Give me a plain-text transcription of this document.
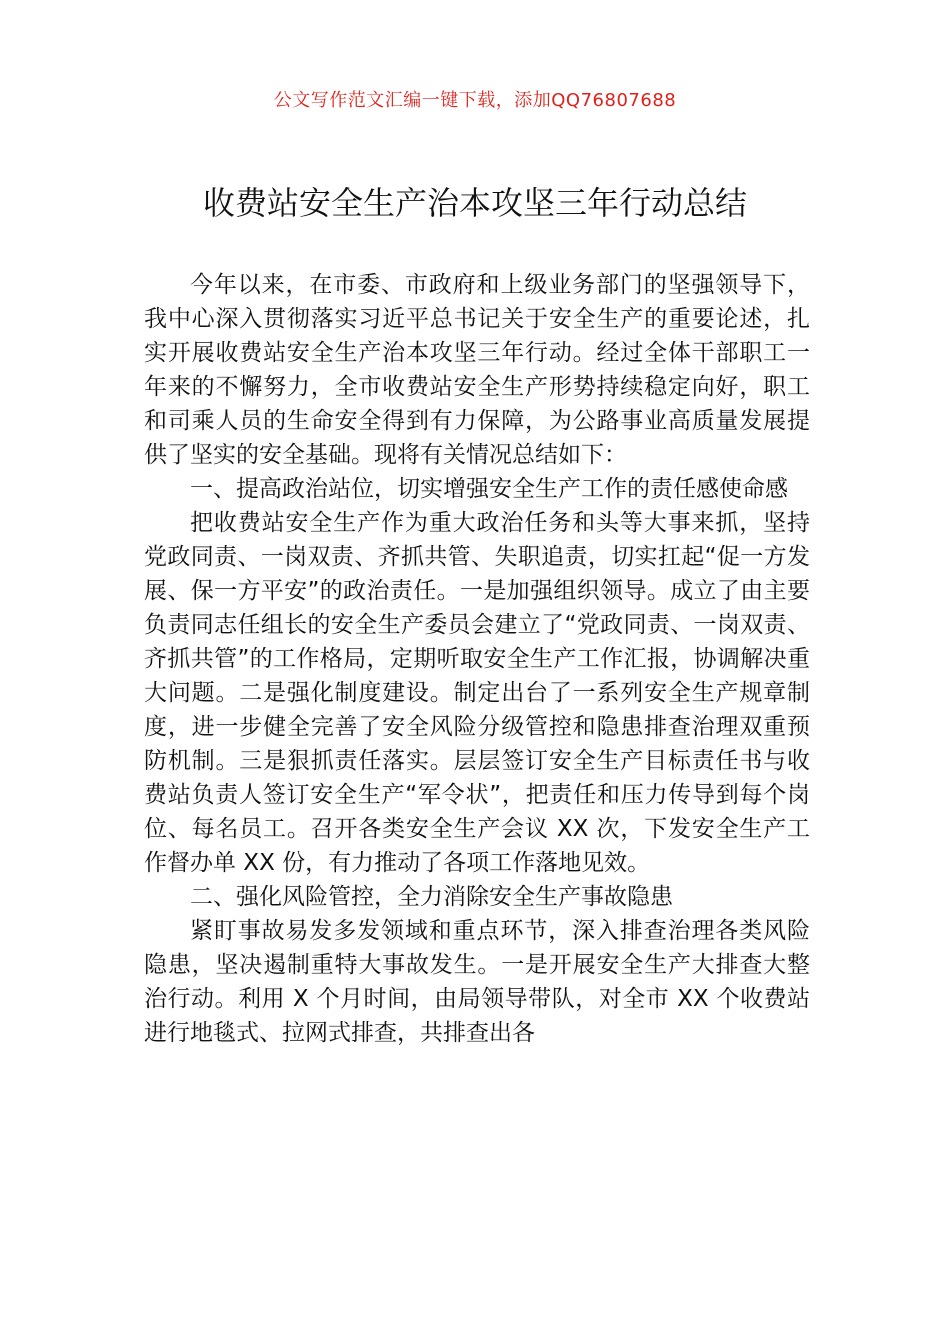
公文写作范文汇编一键下载，添加QQ76807688
收费站安全生产治本攻坚三年行动总结

今年以来，在市委、市政府和上级业务部门的坚强领导下，我中心深入贯彻落实习近平总书记关于安全生产的重要论述，扎实开展收费站安全生产治本攻坚三年行动。经过全体干部职工一年来的不懈努力，全市收费站安全生产形势持续稳定向好，职工和司乘人员的生命安全得到有力保障，为公路事业高质量发展提供了坚实的安全基础。现将有关情况总结如下：

一、提高政治站位，切实增强安全生产工作的责任感使命感

把收费站安全生产作为重大政治任务和头等大事来抓，坚持党政同责、一岗双责、齐抓共管、失职追责，切实扛起“促一方发展、保一方平安”的政治责任。一是加强组织领导。成立了由主要负责同志任组长的安全生产委员会建立了“党政同责、一岗双责、齐抓共管”的工作格局，定期听取安全生产工作汇报，协调解决重大问题。二是强化制度建设。制定出台了一系列安全生产规章制度，进一步健全完善了安全风险分级管控和隐患排查治理双重预防机制。三是狠抓责任落实。层层签订安全生产目标责任书与收费站负责人签订安全生产“军令状”，把责任和压力传导到每个岗位、每名员工。召开各类安全生产会议 XX 次，下发安全生产工作督办单 XX 份，有力推动了各项工作落地见效。

二、强化风险管控，全力消除安全生产事故隐患

紧盯事故易发多发领域和重点环节，深入排查治理各类风险隐患，坚决遏制重特大事故发生。一是开展安全生产大排查大整治行动。利用 X 个月时间，由局领导带队，对全市 XX 个收费站进行地毯式、拉网式排查，共排查出各
